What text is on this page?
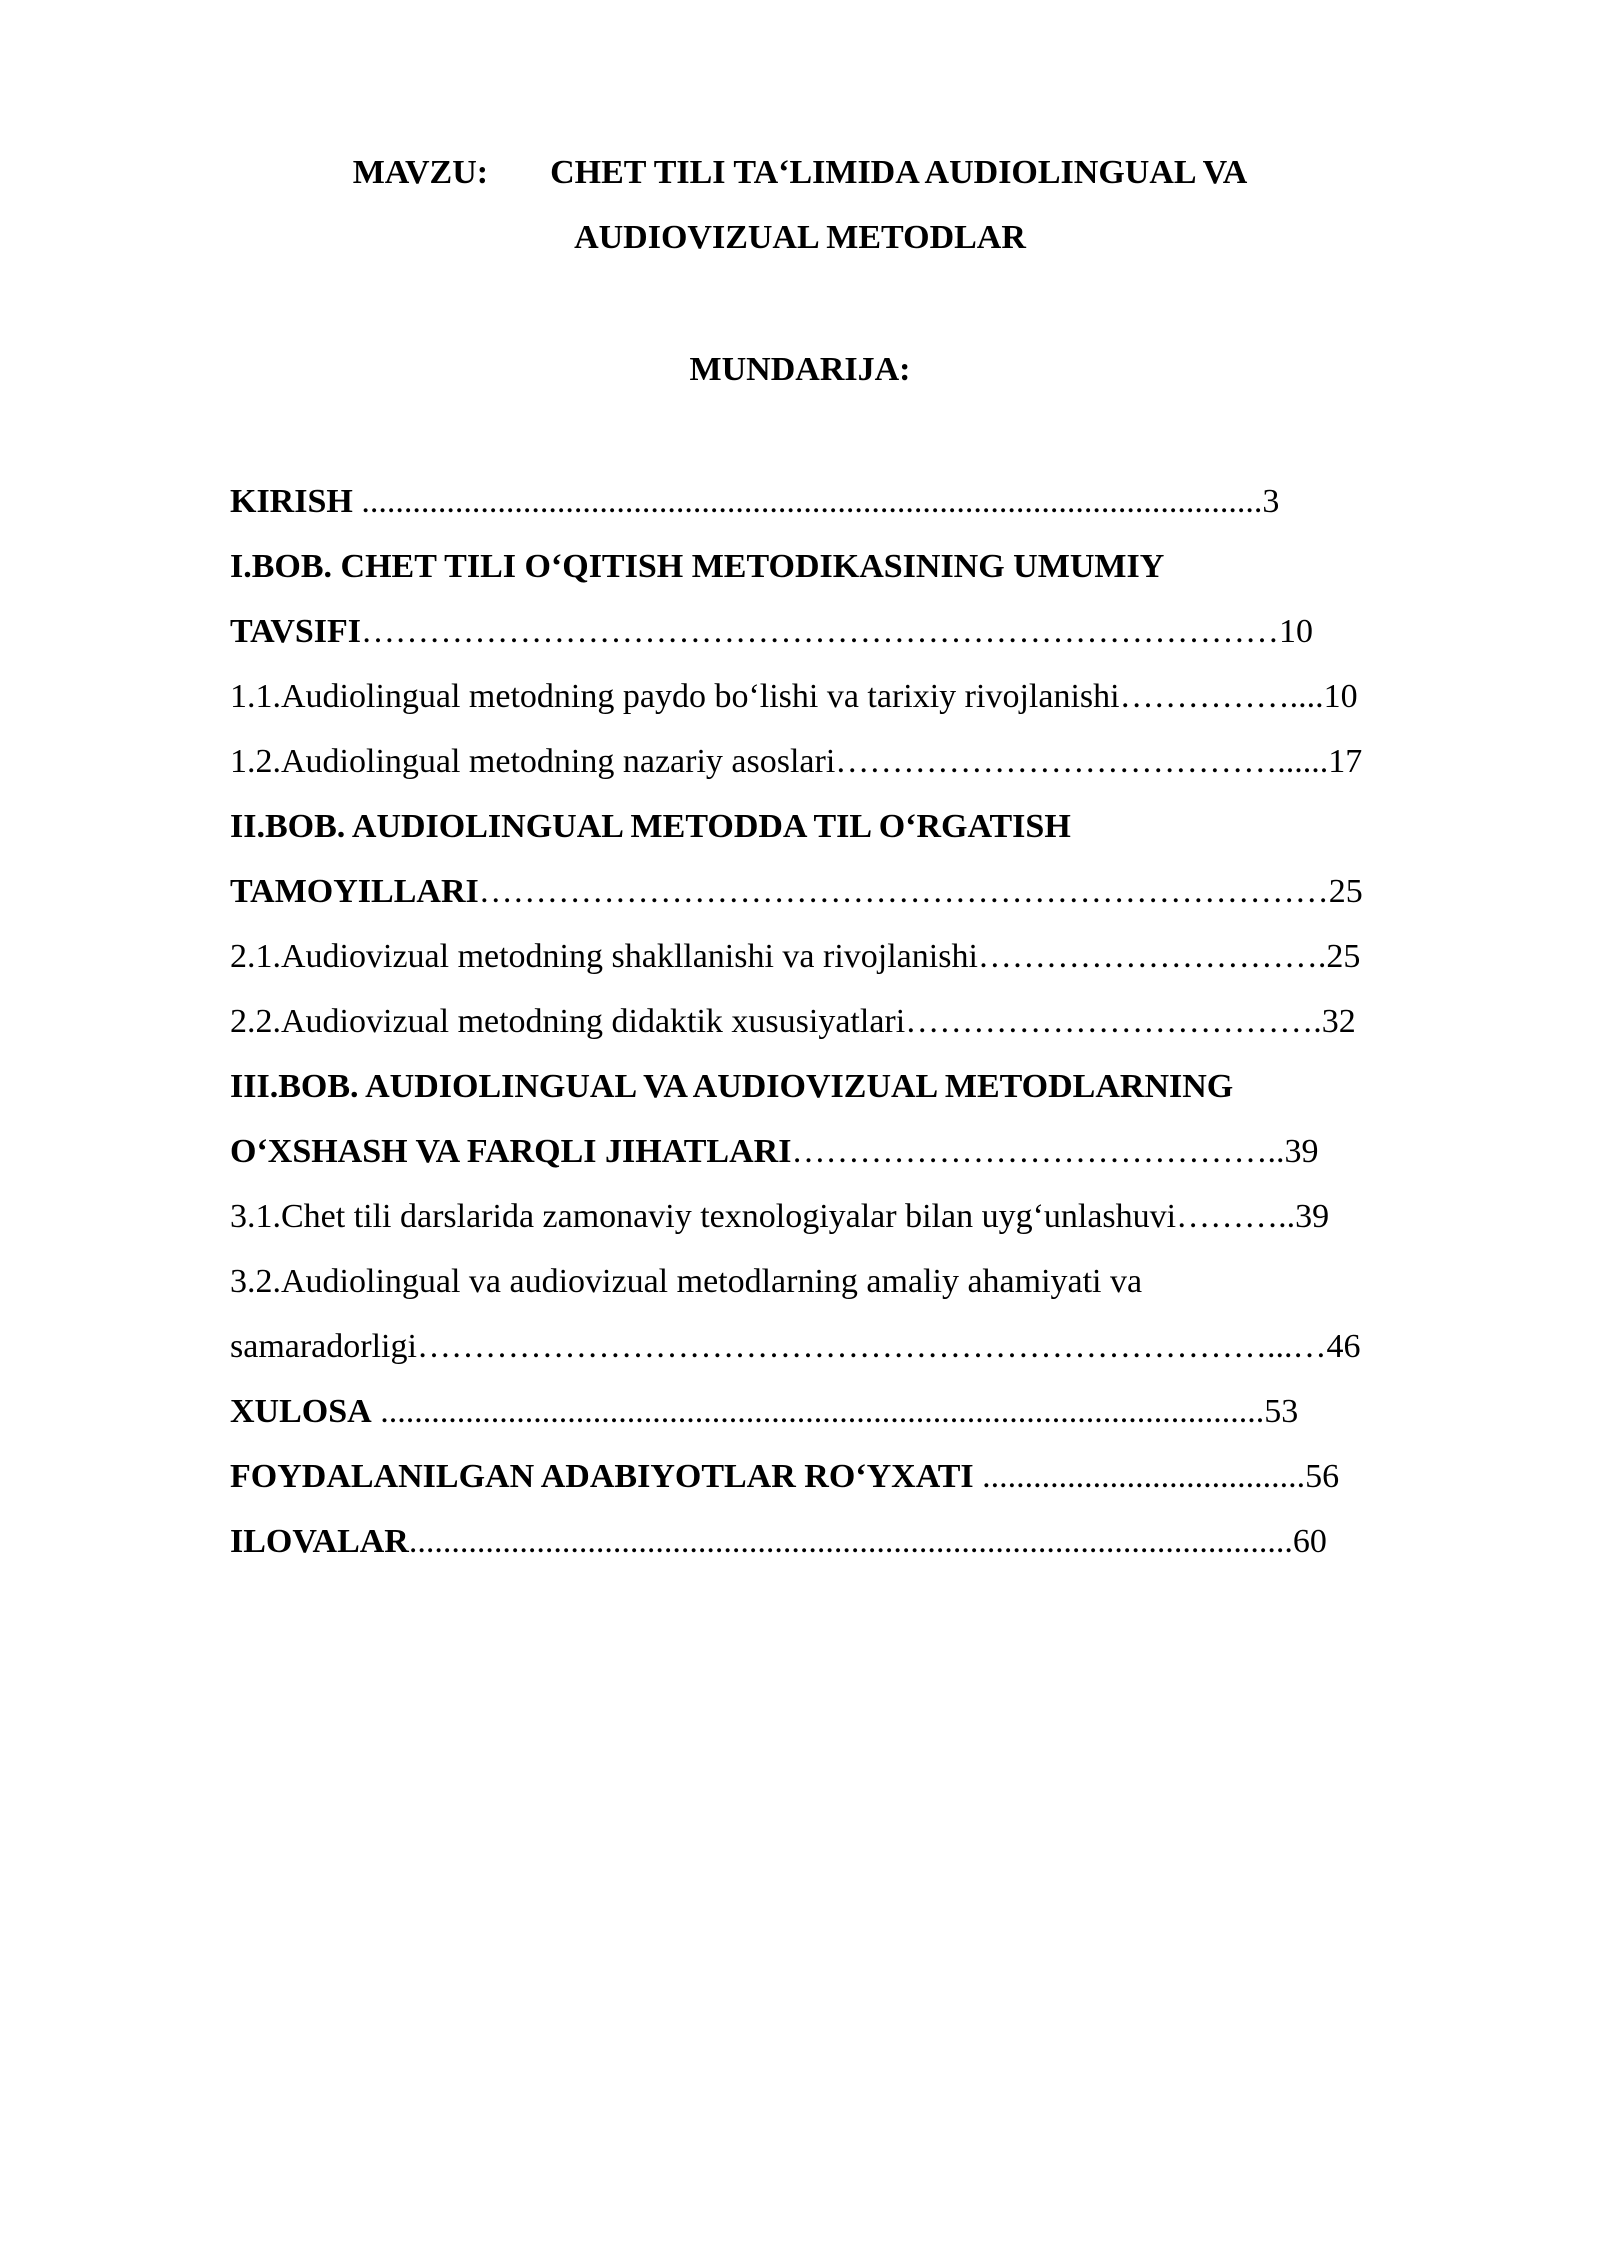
MAVZU: CHET TILI TA‘LIMIDA AUDIOLINGUAL VA
AUDIOVIZUAL METODLAR
MUNDARIJA:
KIRISH ..........................................................................................................3
I.BOB. CHET TILI O‘QITISH METODIKASINING UMUMIY
TAVSIFI………………………………………………………………………10
1.1.Audiolingual metodning paydo bo‘lishi va tarixiy rivojlanishi……………....10
1.2.Audiolingual metodning nazariy asoslari…………………………………......17
II.BOB. AUDIOLINGUAL METODDA TIL O‘RGATISH
TAMOYILLARI…………………………………………………………………25
2.1.Audiovizual metodning shakllanishi va rivojlanishi………………………….25
2.2.Audiovizual metodning didaktik xususiyatlari……………………………….32
III.BOB. AUDIOLINGUAL VA AUDIOVIZUAL METODLARNING
O‘XSHASH VA FARQLI JIHATLARI……………………………………..39
3.1.Chet tili darslarida zamonaviy texnologiyalar bilan uyg‘unlashuvi………..39
3.2.Audiolingual va audiovizual metodlarning amaliy ahamiyati va
samaradorligi…………………………………………………………………...…46
XULOSA ........................................................................................................53
FOYDALANILGAN ADABIYOTLAR RO‘YXATI ......................................56
ILOVALAR........................................................................................................60
